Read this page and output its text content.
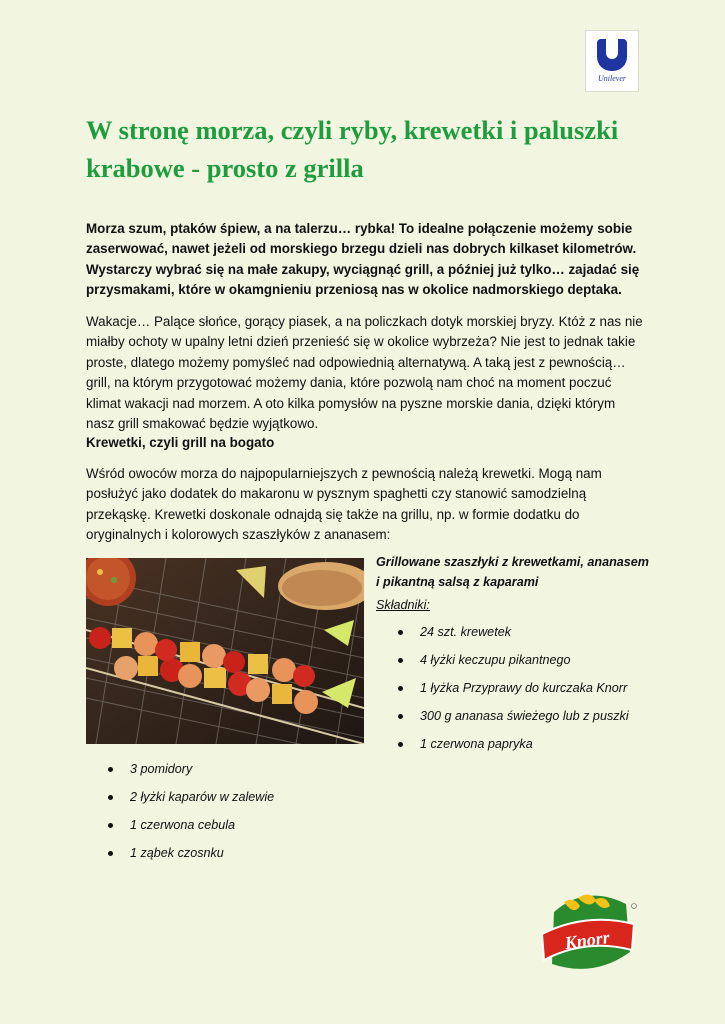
Unilever
W stronę morza, czyli ryby, krewetki i paluszki krabowe - prosto z grilla

Morza szum, ptaków śpiew, a na talerzu… rybka! To idealne połączenie możemy sobie zaserwować, nawet jeżeli od morskiego brzegu dzieli nas dobrych kilkaset kilometrów. Wystarczy wybrać się na małe zakupy, wyciągnąć grill, a później już tylko… zajadać się przysmakami, które w okamgnieniu przeniosą nas w okolice nadmorskiego deptaka.

Wakacje… Palące słońce, gorący piasek, a na policzkach dotyk morskiej bryzy. Któż z nas nie miałby ochoty w upalny letni dzień przenieść się w okolice wybrzeża? Nie jest to jednak takie proste, dlatego możemy pomyśleć nad odpowiednią alternatywą. A taką jest z pewnością… grill, na którym przygotować możemy dania, które pozwolą nam choć na moment poczuć klimat wakacji nad morzem. A oto kilka pomysłów na pyszne morskie dania, dzięki którym nasz grill smakować będzie wyjątkowo.

Krewetki, czyli grill na bogato

Wśród owoców morza do najpopularniejszych z pewnością należą krewetki. Mogą nam posłużyć jako dodatek do makaronu w pysznym spaghetti czy stanowić samodzielną przekąskę. Krewetki doskonale odnajdą się także na grillu, np. w formie dodatku do oryginalnych i kolorowych szaszłyków z ananasem:

Grillowane szaszłyki z krewetkami, ananasem i pikantną salsą z kaparami

Składniki:

24 szt. krewetek
4 łyżki keczupu pikantnego
1 łyżka Przyprawy do kurczaka Knorr
300 g ananasa świeżego lub z puszki
1 czerwona papryka
3 pomidory
2 łyżki kaparów w zalewie
1 czerwona cebula
1 ząbek czosnku
Knorr
